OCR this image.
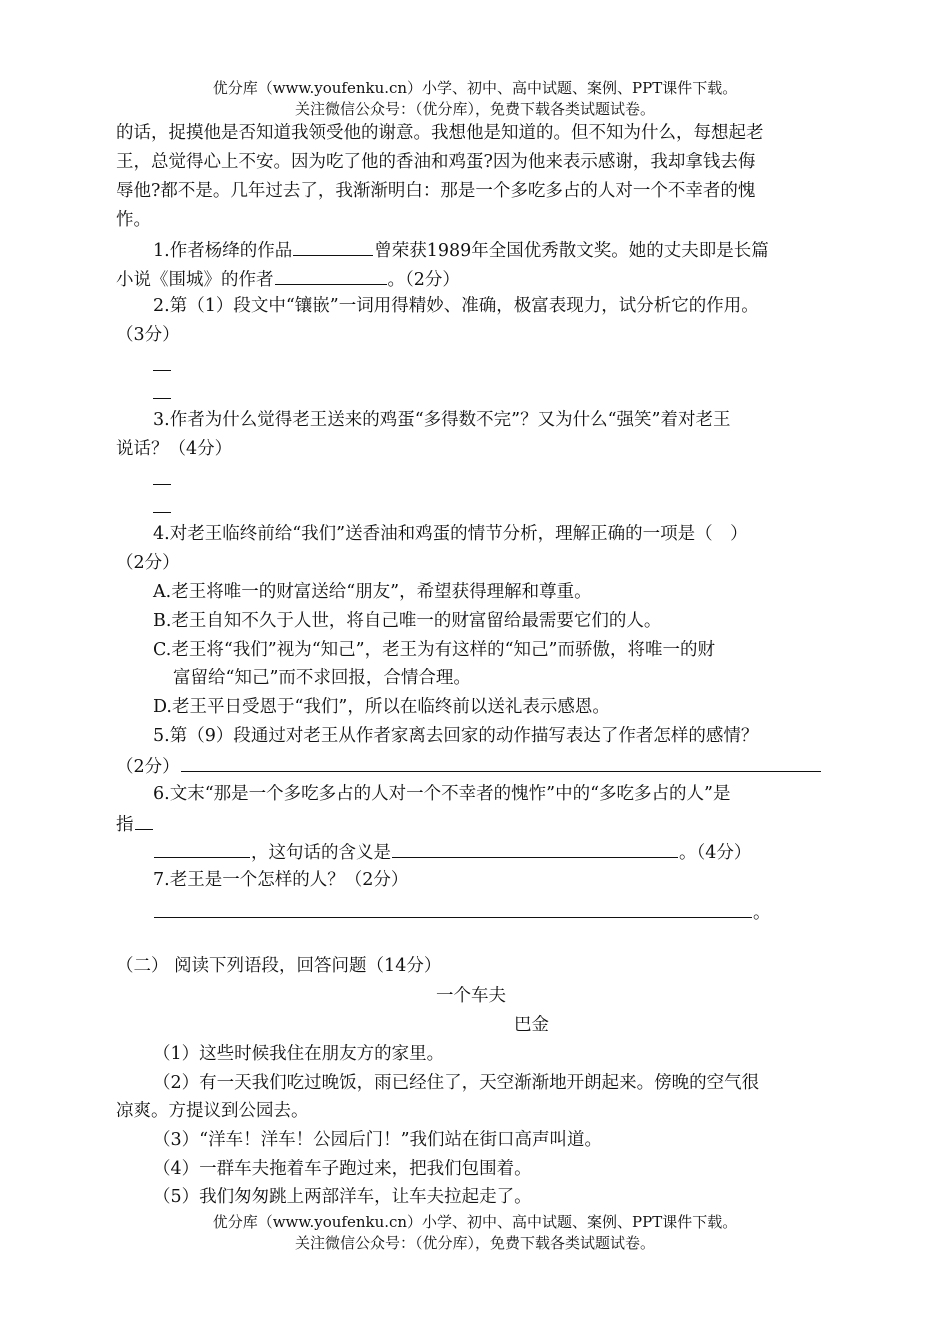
优分库（www.youfenku.cn）小学、初中、高中试题、案例、PPT课件下载。
关注微信公众号：（优分库），免费下载各类试题试卷。
的话，捉摸他是否知道我领受他的谢意。我想他是知道的。但不知为什么，每想起老
王，总觉得心上不安。因为吃了他的香油和鸡蛋?因为他来表示感谢，我却拿钱去侮
辱他?都不是。几年过去了，我渐渐明白：那是一个多吃多占的人对一个不幸者的愧
怍。
1.作者杨绛的作品	曾荣获1989年全国优秀散文奖。她的丈夫即是长篇
小说《围城》的作者	。（2分）
2.第（1）段文中“镶嵌”一词用得精妙、准确，极富表现力，试分析它的作用。
（3分）
3.作者为什么觉得老王送来的鸡蛋“多得数不完”？又为什么“强笑”着对老王
说话？（4分）
4.对老王临终前给“我们”送香油和鸡蛋的情节分析，理解正确的一项是（　）
（2分）
A.老王将唯一的财富送给“朋友”，希望获得理解和尊重。
B.老王自知不久于人世，将自己唯一的财富留给最需要它们的人。
C.老王将“我们”视为“知己”，老王为有这样的“知己”而骄傲，将唯一的财
富留给“知己”而不求回报，合情合理。
D.老王平日受恩于“我们”，所以在临终前以送礼表示感恩。
5.第（9）段通过对老王从作者家离去回家的动作描写表达了作者怎样的感情？
（2分）
6.文末“那是一个多吃多占的人对一个不幸者的愧怍”中的“多吃多占的人”是
指
，这句话的含义是	。（4分）
7.老王是一个怎样的人？（2分）
。
（二） 阅读下列语段，回答问题（14分）
一个车夫
巴金
（1）这些时候我住在朋友方的家里。
（2）有一天我们吃过晚饭，雨已经住了，天空渐渐地开朗起来。傍晚的空气很
凉爽。方提议到公园去。
（3）“洋车！洋车！公园后门！”我们站在街口高声叫道。
（4）一群车夫拖着车子跑过来，把我们包围着。
（5）我们匆匆跳上两部洋车，让车夫拉起走了。
优分库（www.youfenku.cn）小学、初中、高中试题、案例、PPT课件下载。
关注微信公众号：（优分库），免费下载各类试题试卷。
